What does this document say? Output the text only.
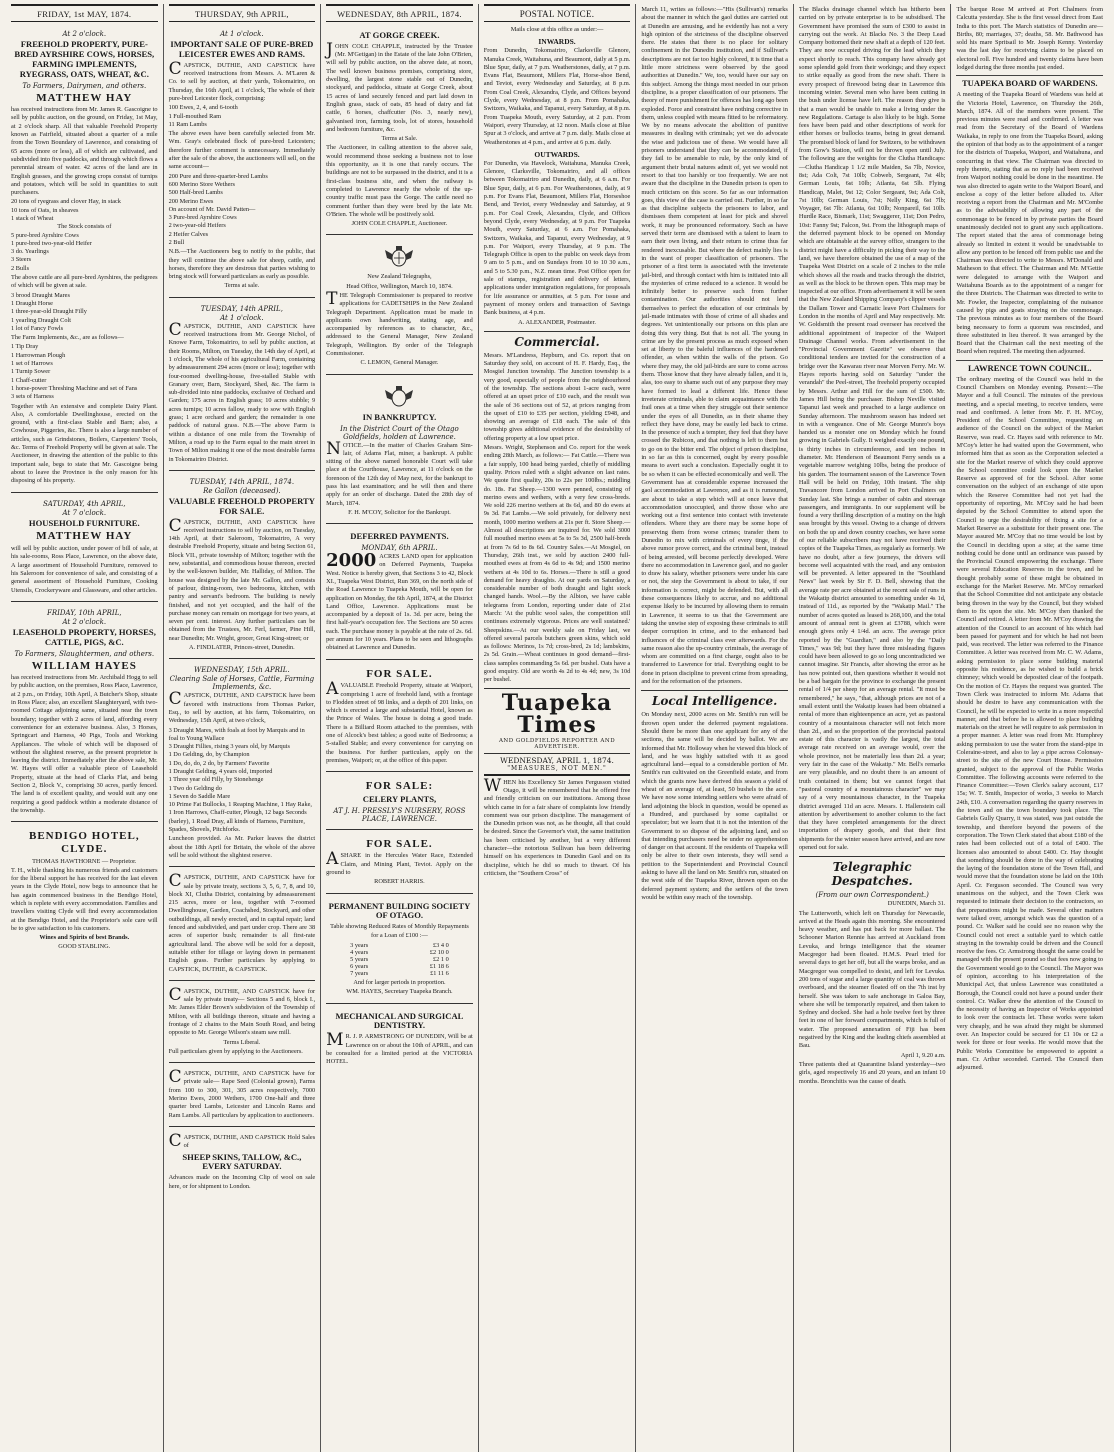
FRIDAY, 1st MAY, 1874.
At 2 o'clock.
FREEHOLD PROPERTY, PURE-BRED AYRSHIRE COWS, HORSES, FARMING IMPLEMENTS, RYEGRASS, OATS, WHEAT, &C.
To Farmers, Dairymen, and others.
MATTHEW HAY
has received instructions from Mr. James R. Gascoigne to sell by public auction, on the ground, on Friday, 1st May, at 2 o'clock sharp. All that valuable Freehold Property known as Fairfield, situated about a quarter of a mile from the Town Boundary of Lawrence, and consisting of 65 acres (more or less), all of which are cultivated, and subdivided into five paddocks, and through which flows a perennial stream of water. 42 acres of the land are in English grasses, and the growing crops consist of turnips and potatoes, which will be sold in quantities to suit purchasers.
20 tons of ryegrass and clover Hay, in stack
10 tons of Oats, in sheaves
1 stack of Wheat
The Stock consists of
5 pure-bred Ayrshire Cows
1 pure-bred two-year-old Heifer
3 do. Yearlings
3 Steers
2 Bulls
The above cattle are all pure-bred Ayrshires, the pedigrees of which will be given at sale.
3 brood Draught Mares
1 Draught Horse
1 three-year-old Draught Filly
1 yearling Draught Colt
1 lot of Fancy Fowls
The Farm Implements, &c., are as follows—
1 Tip Dray
1 Harrowman Plough
1 set of Harrows
1 Turnip Sower
1 Chaff-cutter
1 horse-power Threshing Machine and set of Fans
3 sets of Harness
Together with An extensive and complete Dairy Plant. Also, A comfortable Dwellinghouse, erected on the ground, with a first-class Stable and Barn; also, a Cowhouse, Piggeries, &c. There is also a large number of articles, such as Grindstones, Boilers, Carpenters' Tools, &c. Terms of Freehold Property will be given at sale. The Auctioneer, in drawing the attention of the public to this important sale, begs to state that Mr. Gascoigne being about to leave the Province is the only reason for his disposing of his property.
SATURDAY, 4th APRIL,
At 7 o'clock.
HOUSEHOLD FURNITURE.
MATTHEW HAY
will sell by public auction, under power of bill of sale, at his sale-rooms, Ross Place, Lawrence, on the above date, A large assortment of Household Furniture, removed to his Saleroom for convenience of sale, and consisting of a general assortment of Household Furniture, Cooking Utensils, Crockeryware and Glassware, and other articles.
FRIDAY, 10th APRIL,
At 2 o'clock.
LEASEHOLD PROPERTY, HORSES, CATTLE, PIGS, &C.
To Farmers, Slaughtermen, and others.
WILLIAM HAYES
has received instructions from Mr. Archibald Hogg to sell by public auction, on the premises, Ross Place, Lawrence, at 2 p.m., on Friday, 10th April, A Butcher's Shop, situate in Ross Place; also, an excellent Slaughteryard, with two-roomed Cottage adjoining same, situated near the town boundary; together with 2 acres of land, affording every convenience for an extensive business. Also, 3 Horses, Springcart and Harness, 40 Pigs, Tools and Working Appliances. The whole of which will be disposed of without the slightest reserve, as the present proprietor is leaving the district. Immediately after the above sale, Mr. W. Hayes will offer a valuable piece of Leasehold Property, situate at the head of Clarks Flat, and being Section 2, Block V., comprising 30 acres, partly fenced. The land is of excellent quality, and would suit any one requiring a good paddock within a moderate distance of the township.
BENDIGO HOTEL, CLYDE.
THOMAS HAWTHORNE — Proprietor.
T. H., while thanking his numerous friends and customers for the liberal support he has received for the last eleven years in the Clyde Hotel, now begs to announce that he has again commenced business in the Bendigo Hotel, which is replete with every accommodation. Families and travellers visiting Clyde will find every accommodation at the Bendigo Hotel, and the Proprietor's sole care will be to give satisfaction to his customers.
Wines and Spirits of best Brands.
GOOD STABLING.
THURSDAY, 9th APRIL,
At 1 o'clock.
IMPORTANT SALE OF PURE-BRED LEICESTER EWES AND RAMS.
CAPSTICK, DUTHIE, AND CAPSTICK have received instructions from Messrs. A. M'Laren & Co. to sell by auction, at their yards, Tokomairiro, on Thursday, the 16th April, at 1 o'clock, The whole of their pure-bred Leicester flock, comprising:
100 Ewes, 2, 4, and 6-tooth
1 Full-mouthed Ram
11 Ram Lambs
The above ewes have been carefully selected from Mr. Wm. Gray's celebrated flock of pure-bred Leicesters; therefore further comment is unnecessary. Immediately after the sale of the above, the auctioneers will sell, on the same account—
200 Pure and three-quarter-bred Lambs
600 Merino Store Wethers
500 Half-bred Lambs
200 Merino Ewes
On account of Mr. David Patten—
3 Pure-bred Ayrshire Cows
2 two-year-old Heifers
2 Heifer Calves
2 Bull
N.B.—The Auctioneers beg to notify to the public, that they will continue the above sale for sheep, cattle, and horses, therefore they are desirous that parties wishing to bring stock will forward particulars as early as possible.
Terms at sale.
TUESDAY, 14th APRIL,
At 1 o'clock.
CAPSTICK, DUTHIE, AND CAPSTICK have received instructions from Mr. George Nichol, of Knowe Farm, Tokomairiro, to sell by public auction, at their Rooms, Milton, on Tuesday, the 14th day of April, at 1 o'clock, The whole of his agricultural Farm, containing by admeasurement 294 acres (more or less); together with four-roomed dwelling-house, five-stalled Stable with Granary over, Barn, Stockyard, Shed, &c. The farm is sub-divided into nine paddocks, exclusive of Orchard and Garden; 175 acres in English grass; 10 acres stubble; 9 acres turnips; 10 acres fallow, ready to sow with English grass; 1 acre orchard and garden; the remainder is one paddock of natural grass. N.B.—The above Farm is within a distance of one mile from the Township of Milton, a road up to the Farm equal to the main street in Town of Milton making it one of the most desirable farms in Tokomairiro District.
TUESDAY, 14th APRIL, 1874.
Re Gallon (deceased).
VALUABLE FREEHOLD PROPERTY FOR SALE.
CAPSTICK, DUTHIE, AND CAPSTICK have received instructions to sell by auction, on Tuesday, 14th April, at their Saleroom, Tokomairiro, A very desirable Freehold Property, situate and being Section 61, Block VII., private township of Milton; together with the new, substantial, and commodious house thereon, erected by the well-known builder, Mr. Halliday, of Milton. The house was designed by the late Mr. Gallon, and consists of parlour, dining-room, two bedrooms, kitchen, with pantry and servant's bedroom. The building is newly finished, and not yet occupied, and the half of the purchase money can remain on mortgage for two years, at seven per cent. interest. Any further particulars can be obtained from the Trustees, Mr. Ferl, farmer, Pine Hill, near Dunedin; Mr. Wright, grocer, Great King-street; or
A. FINDLATER, Princes-street, Dunedin.
WEDNESDAY, 15th APRIL.
Clearing Sale of Horses, Cattle, Farming Implements, &c.
CAPSTICK, DUTHIE, AND CAPSTICK have been favored with instructions from Thomas Parker, Esq., to sell by auction, at his farm, Tokomairiro, on Wednesday, 15th April, at two o'clock,
3 Draught Mares, with foals at foot by Marquis and in foal to Young Wallace
3 Draught Fillies, rising 3 years old, by Marquis
1 Do Gelding, do, by Champion
1 Do, do, do, 2 do, by Farmers' Favorite
1 Draught Gelding, 4 years old, imported
1 Three year old Filly, by Stonehenge
1 Two do Gelding do
1 Seven do Saddle Mare
10 Prime Fat Bullocks, 1 Reaping Machine, 1 Hay Rake, 1 Iron Harrows, Chaff-cutter, Plough, 12 bags Seconds (barley), 1 Road Dray, all kinds of Harness, Furniture, Spades, Shovels, Pitchforks.
Luncheon provided. As Mr. Parker leaves the district about the 18th April for Britain, the whole of the above will be sold without the slightest reserve.
CAPSTICK, DUTHIE, AND CAPSTICK have for sale by private treaty, sections 3, 5, 6, 7, 8, and 10, block XI, Clutha District, containing by admeasurement 215 acres, more or less, together with 7-roomed Dwellinghouse, Garden, Coachshed, Stockyard, and other outbuildings, all newly erected, and in capital repair; land fenced and subdivided, and part under crop. There are 38 acres of superior bush; remainder is all first-rate agricultural land. The above will be sold for a deposit, suitable either for tillage or laying down in permanent English grass. Further particulars by applying to CAPSTICK, DUTHIE, & CAPSTICK.
CAPSTICK, DUTHIE, AND CAPSTICK have for sale by private treaty— Sections 5 and 6, block I., Mr. James Elder Brown's subdivision of the Township of Milton, with all buildings thereon, situate and having a frontage of 2 chains to the Main South Road, and being opposite to Mr. George Wilson's steam saw mill.
Terms Liberal.
Full particulars given by applying to the Auctioneers.
CAPSTICK, DUTHIE, AND CAPSTICK have for private sale— Rape Seed (Colonial grown), Farms from 100 to 300, 301, 305 acres respectively, 7000 Merino Ewes, 2000 Wethers, 1700 One-half and three quarter bred Lambs, Leicester and Lincoln Rams and Ram Lambs. All particulars by application to auctioneers.
CAPSTICK, DUTHIE, AND CAPSTICK Hold Sales of
SHEEP SKINS, TALLOW, &C., EVERY SATURDAY.
Advances made on the Incoming Clip of wool on sale here, or for shipment to London.
WEDNESDAY, 8th APRIL, 1874.
AT GORGE CREEK.
JOHN COLE CHAPPLE, instructed by the Trustee (Mr. M'Getigan) in the Estate of the late John O'Brien, will sell by public auction, on the above date, at noon, The well known business premises, comprising store, dwelling, the largest stone stable out of Dunedin, stockyard, and paddocks, situate at Gorge Creek, about 15 acres of land securely fenced and part laid down in English grass, stack of oats, 85 head of dairy and fat cattle, 6 horses, chaffcutter (No. 3, nearly new), galvanised iron, farming tools, lot of stores, household and bedroom furniture, &c.
Terms at Sale.
The Auctioneer, in calling attention to the above sale, would recommend those seeking a business not to lose this opportunity, as it is one that rarely occurs. The buildings are not to be surpassed in the district, and it is a first-class business site, and when the railway is completed to Lawrence nearly the whole of the up-country traffic must pass the Gorge. The cattle need no comment further than they were bred by the late Mr. O'Brien. The whole will be positively sold.
JOHN COLE CHAPPLE, Auctioneer.
New Zealand Telegraphs,
Head Office, Wellington, March 10, 1874.
THE Telegraph Commissioner is prepared to receive applications for CADETSHIPS in the New Zealand Telegraph Department. Application must be made in applicants own handwriting, stating age, and accompanied by references as to character, &c., addressed to the General Manager, New Zealand Telegraph, Wellington. By order of the Telegraph Commissioner.
C. LEMON, General Manager.
IN BANKRUPTCY.
In the District Court of the Otago Goldfields, holden at Lawrence.
NOTICE.—In the matter of Charles Graham Sim-lair, of Adams Flat, miner, a bankrupt. A public sitting of the above named honorable Court will take place at the Courthouse, Lawrence, at 11 o'clock on the forenoon of the 12th day of May next, for the bankrupt to pass his last examination; and he will then and there apply for an order of discharge. Dated the 28th day of March, 1874.
F. H. M'COY, Solicitor for the Bankrupt.
DEFERRED PAYMENTS.
MONDAY, 6th APRIL.
2000 ACRES LAND open for application on Deferred Payments, Tuapeka West. Notice is hereby given, that Sections 3 to 42, Block XI., Tuapeka West District, Run 369, on the north side of the Road Lawrence to Tuapeka Mouth, will be open for application on Monday, the 6th April, 1874, at the District Land Office, Lawrence. Applications must be accompanied by a deposit of 1s. 3d. per acre, being the first half-year's occupation fee. The Sections are 50 acres each. The purchase money is payable at the rate of 2s. 6d. per annum for 10 years. Plans to be seen and lithographs obtained at Lawrence and Dunedin.
FOR SALE.
AVALUABLE Freehold Property, situate at Waipori, comprising 1 acre of freehold land, with a frontage to Flodden street of 98 links, and a depth of 201 links, on which is erected a large and substantial Hotel, known as the Prince of Wales. The house is doing a good trade. There is a Billiard Room attached to the premises, with one of Alcock's best tables; a good suite of Bedrooms; a 5-stalled Stable; and every convenience for carrying on the business. For further particulars, apply on the premises, Waipori; or, at the office of this paper.
FOR SALE:
CELERY PLANTS,
AT J. H. PRESSLY'S NURSERY, ROSS PLACE, LAWRENCE.
FOR SALE.
ASHARE in the Hercules Water Race, Extended Claim, and Mining Plant, Teviot. Apply on the ground to
ROBERT HARRIS.
PERMANENT BUILDING SOCIETY OF OTAGO.
Table showing Reduced Rates of Monthly Repayments for a Loan of £100 :—
3 years	£3 4 0
4 years	£2 10 0
5 years	£2 1 0
6 years	£1 18 6
7 years	£1 11 6
And for larger periods in proportion.
WM. HAYES, Secretary Tuapeka Branch.
MECHANICAL AND SURGICAL DENTISTRY.
MR. J. P. ARMSTRONG OF DUNEDIN, Will be at Lawrence on or about the 10th of APRIL, and can be consulted for a limited period at the VICTORIA HOTEL.
POSTAL NOTICE.
Mails close at this office as under:—
INWARDS.
From Dunedin, Tokomairiro, Clarksville Glenore, Manuka Creek, Waitahuna, and Beaumont, daily at 5 p.m. Blue Spur, daily, at 7 p.m. Weatherstones, daily, at 7 p.m. Evans Flat, Beaumont, Millers Flat, Horse-shoe Bend, and Teviot, every Wednesday and Saturday, at 8 p.m. From Coal Creek, Alexandra, Clyde, and Offices beyond Clyde, every Wednesday, at 8 p.m. From Pomahaka, Switzers, Waikaka, and Tapanui, every Saturday, at 8 p.m. From Tuapeka Mouth, every Saturday, at 2 p.m. From Waipori, every Thursday, at 12 noon. Mails close at Blue Spur at 3 o'clock, and arrive at 7 p.m. daily. Mails close at Weatherstones at 4 p.m., and arrive at 6 p.m. daily.
OUTWARDS.
For Dunedin, via Havelock, Waitahuna, Manuka Creek, Glenore, Clarksville, Tokomairiro, and all offices between Tokomairiro and Dunedin, daily, at 6 a.m. For Blue Spur, daily, at 6 p.m. For Weatherstones, daily, at 9 p.m. For Evans Flat, Beaumont, Millers Flat, Horseshoe Bend, and Teviot, every Wednesday and Saturday, at 9 p.m. For Coal Creek, Alexandra, Clyde, and Offices beyond Clyde, every Wednesday, at 9 p.m. For Tuapeka Mouth, every Saturday, at 6 a.m. For Pomahaka, Switzers, Waikaka, and Tapanui, every Wednesday, at 9 p.m. For Waipori, every Thursday, at 9 p.m. The Telegraph Office is open to the public on week days from 9 am to 5 p.m., and on Sundays from 10 to 10 30 a.m., and 5 to 5.30 p.m., N.Z. mean time. Post Office open for sale of stamps, registration and delivery of letters, applications under immigration regulations, for proposals for life assurance or annuities, at 5 p.m. For issue and payment of money orders and transaction of Savings Bank business, at 4 p.m.
A. ALEXANDER, Postmaster.
Commercial.
Messrs. M'Landress, Hepburn, and Co. report that on Saturday they sold, on account of H. F. Hardy, Esq., the Mosgiel Junction township. The Junction township is a very good, especially of people from the neighbourhood of the township. The sections about 1-acre each, were offered at an upset price of £10 each, and the result was the sale of 36 sections out of 52, at prices ranging from the upset of £10 to £35 per section, yielding £948, and showing an average of £18 each. The sale of this township gives additional evidence of the desirability of offering property at a low upset price.
Messrs. Wright, Stephenson and Co. report for the week ending 28th March, as follows:— Fat Cattle.—There was a fair supply, 100 head being yarded, chiefly of middling quality. Prices ruled with a slight advance on last rates. We quote first quality, 20s to 22s per 100lbs.; middling do. 18s. Fat Sheep.—1300 were penned, consisting of merino ewes and wethers, with a very few cross-breds. We sold 226 merino wethers at 8s 6d, and 80 do ewes at 9s 3d. Fat Lambs.—We sold privately, for delivery next month, 1000 merino wethers at 21s per ft. Store Sheep.—Almost all descriptions are inquired for. We sold 3000 full mouthed merino ewes at 5s to 5s 3d, 2500 half-breds at from 7s 6d to 8s 6d. Country Sales.—At Mosgiel, on Thursday, 26th inst., we sold by auction 2400 full-mouthed ewes at from 4s 6d to 4s 9d; and 1500 merino wethers at 4s 10d to 6s. Horses.—There is still a good demand for heavy draughts. At our yards on Saturday, a considerable number of both draught and light stock changed hands. Wool.—By the Albion, we have cable telegrams from London, reporting under date of 21st March: 'At the public wool sales, the competition still continues extremely vigorous. Prices are well sustained.' Sheepskins.—At our weekly sale on Friday last, we offered several parcels butchers green skins, which sold as follows: Merinos, 1s 7d; cross-bred, 2s 1d; lambskins, 2s 5d. Grain.—Wheat continues in good demand—first-class samples commanding 5s 6d. per bushel. Oats have a good enquiry. Old are worth 4s 2d to 4s 4d; new, 3s 10d per bushel.
Tuapeka Times
AND GOLDFIELDS REPORTER AND ADVERTISER.
WEDNESDAY, APRIL 1, 1874.
"MEASURES, NOT MEN."
WHEN his Excellency Sir James Fergusson visited Otago, it will be remembered that he offered free and friendly criticism on our institutions. Among those which came in for a fair share of complaints low friendly comment was our prison discipline. The management of the Dunedin prison was not, as he thought, all that could be desired. Since the Governor's visit, the same institution has been criticised by another, but a very different character—the notorious Sullivan has been delivering himself on his experiences in Dunedin Gaol and on its discipline, which he did so much to thwart. Of his criticism, the "Southern Cross" of
March 11, writes as follows:—"His (Sullivan's) remarks about the manner in which the gaol duties are carried out at Dunedin are amusing, and he evidently has not a very high opinion of the strictness of the discipline observed there. He states that there is no place for solitary confinement in the Dunedin institution, and if Sullivan's descriptions are not far too highly colored, it is time that a little more strictness were observed by the good authorities at Dunedin." We, too, would have our say on this subject. Among the things most needed in our prison discipline, is a proper classification of our prisoners. The theory of mere punishment for offences has long ago been exploded. Force and constraint have nothing corrective in them, unless coupled with means fitted to be reformatory. We by no means advocate the abolition of punitive measures in dealing with criminals; yet we do advocate the wise and judicious use of these. We would have all prisoners understand that they can be accommodated, if they fail to be amenable to rule, by the only kind of argument their brutal natures admit of, yet we would not resort to that too harshly or too frequently. We are not aware that the discipline in the Dunedin prison is open to much criticism on this score. So far as our information goes, this view of the case is carried out. Further, in so far as that discipline subjects the prisoners to labor, and dismisses them competent at least for pick and shovel work, it may be pronounced reformatory. Such as have served their term are dismissed with a talent to learn to earn their own living, and their return to crime thus far rendered inexcusable. But where the defect mainly lies is in the want of proper classification of prisoners. The prisoner of a first term is associated with the inveterate jail-bird, and through contact with him is initiated into all the mysteries of crime reduced to a science. It would be infinitely better to preserve such from further contamination. Our authorities should not lend themselves to perfect the education of our criminals by jail-made intimates with those of crime of all shades and degrees. Yet unintentionally our prisons on this plan are doing this very thing. But that is not all. The young in crime are by the present process as much exposed when set at liberty to the baleful influences of the hardened offender, as when within the walls of the prison. Go where they may, the old jail-birds are sure to come across them. Those know that they have already fallen, and it is, alas, too easy to shame such out of any purpose they may have formed to lead a different life. Hence these inveterate criminals, able to claim acquaintance with the frail ones at a time when they struggle out their sentence under the eyes of all Dunedin, as in their shame they reflect they have done, may be easily led back to crime. In the presence of such a tempter, they feel that they have crossed the Rubicon, and that nothing is left to them but to go on to the bitter end. The object of prison discipline, in so far as this is concerned, ought by every possible means to avert such a conclusion. Especially ought it to be so when it can be effected economically and well. The Government has at considerable expense increased the gaol accommodation at Lawrence, and as it is rumoured, are about to take a step which will at once leave that accommodation unoccupied, and throw those who are working out a first sentence into contact with inveterate offenders. Where they are there may be some hope of preserving them from worse crimes; transfer them to Dunedin to mix with criminals of every tinge, if the above rumor prove correct, and the criminal bent, instead of being arrested, will become perfectly developed. Were there no accommodation in Lawrence gaol, and no gaoler to draw his salary, whether prisoners were under his care or not, the step the Government is about to take, if our information is correct, might be defended. But, with all these consequences likely to accrue, and no additional expense likely to be incurred by allowing them to remain in Lawrence, it seems to us that the Government are taking the unwise step of exposing these criminals to still deeper corruption in crime, and to the enhanced bad influences of the criminal class ever afterwards. For the same reason also the up-country criminals, the average of whom are committed on a first charge, ought also to be transferred to Lawrence for trial. Everything ought to be done in prison discipline to prevent crime from spreading, and for the reformation of the prisoners.
Local Intelligence.
On Monday next, 2000 acres on Mr. Smith's run will be thrown open under the deferred payment regulations. Should there be more than one applicant for any of the sections, the same will be decided by ballot. We are informed that Mr. Holloway when he viewed this block of land, and he was highly satisfied with it as good agricultural land—equal to a considerable portion of Mr. Smith's run cultivated on the Greenfield estate, and from which the grants now have derived this season a yield of wheat of an average of, at least, 50 bushels to the acre. We have now some intending settlers who were afraid of land adjoining the block in question, would be opened as a Hundred, and purchased by some capitalist or speculator; but we learn that it is not the intention of the Government to so dispose of the adjoining land, and so that intending purchasers need be under no apprehension of danger on that account. If the residents of Tuapeka will only be alive to their own interests, they will send a petition to the Superintendent and Provincial Council asking to have all the land on Mr. Smith's run, situated on the west side of the Tuapeka River, thrown open on the deferred payment system; and the settlers of the town would be within easy reach of the township.
The Blacks drainage channel which has hitherto been carried on by private enterprise is to be subsidised. The Government have promised the sum of £300 to assist in carrying out the work. At Blacks No. 3 the Deep Lead Company bottomed their new shaft at a depth of 120 feet. They are now occupied driving for the lead which they expect shortly to reach. This company have already got some splendid gold from their workings; and they expect to strike equally as good from the new shaft. There is every prospect of firewood being dear in Lawrence this incoming winter. Several men who have been cutting in the bush under license have left. The reason they give is that a man would be unable to make a living under the new Regulations. Cartage is also likely to be high. Some fees have been paid and other descriptions of work for either horses or bullocks teams, being in great demand. The promised block of land for Switzers, to be withdrawn from Gow's Station, will not be thrown open until July. The following are the weights for the Clutha Handicaps:—Clutha Handicap 1 1/2 mile Maiden, Sa 7lb, Novice, 8st; Ada Colt, 7st 10lb; Cobweb, Sergeant, 7st 4lb; German Louis, 6st 10lb; Atlanta, 6st 5lb. Flying Handicap, Malet, 9st 12; Color Sergeant, 9st; Ada Colt, 7st 10lb; German Louis, 7st; Nelly King, 6st 7lb; Voyager, 6st 7lb: Atlanta, 6st 10lb; Nonpareil, 6st 10lb. Hurdle Race, Bismark, 11st; Swaggerer, 11st; Don Pedro, 10st: Fanny 9st; Falcon, 9st. From the lithograph maps of the deferred payment block to be opened on Monday which are obtainable at the survey office, strangers to the district might have a difficulty in picking their way to the land, we have therefore obtained the use of a map of the Tuapeka West District on a scale of 2 inches to the mile which shows all the roads and tracks through the district, as well as the block to be thrown open. This map may be inspected at our office. From advertisement it will be seen that the New Zealand Shipping Company's clipper vessels the Dallam Tower and Carnatic leave Port Chalmers for London in the months of April and May respectively. Mr. W. Goldsmith the present road overseer has received the additional appointment of inspector of the Waipori Drainage Channel works. From advertisement in the "Provincial Government Gazette" we observe that conditional tenders are invited for the construction of a bridge over the Kawarau river near Morven Ferry. Mr. W. Hayes reports having sold on Saturday "under the verandah" the Peel-street, The freehold property occupied by Messrs. Arthur and Hill for the sum of £500. Mr. James Hill being the purchaser. Bishop Neville visited Tapanui last week and preached to a large audience on Sunday afternoon. The mushroom season has indeed set in with a vengeance. One of Mr. George Munro's boys handed us a monster one on Monday which he found growing in Gabriels Gully. It weighed exactly one pound, is thirty inches in circumference, and ten inches in diameter. Mr. Henderson of Beaumont Ferry sends us a vegetable marrow weighing 10lbs, being the produce of his garden. The tournament season of the Lawrence Town Hall will be held on Friday, 10th instant. The ship Travancore from London arrived in Port Chalmers on Sunday last. She brings a number of cabin and steerage passengers, and immigrants. In our supplement will be found a very thrilling description of a mutiny on the high seas brought by this vessel. Owing to a change of drivers on both the up and down country coaches, we have some of our reliable subscribers may not have received their copies of the Tuapeka Times, as regularly as formerly. We have no doubt, after a few journeys, the drivers will become well acquainted with the road, and any omission will be prevented. A letter appeared in the "Southland News" last week by Sir F. D. Bell, showing that the average rate per acre obtained at the recent sale of runs in the Wakatip district amounted to something under 4s 1d, instead of 11d., as reported by the "Wakatip Mail." The number of acres quoted as leased is 268,100, and the total amount of annual rent is given at £3788, which were enough gives only 4 1/4d. an acre. The average price reported by the "Guardian," and also by the "Daily Times," was 9d; but they have three misleading figures could have been allowed to go so long uncontradicted we cannot imagine. Sir Francis, after showing the error as he has now pointed out, then questions whether it would not be a bad bargain for the province to exchange the present rental of 1/4 per sheep for an average rental. "It must be remembered," he says, "that, although prices are not of a small extent until the Wakatip leases had been obtained a rental of more than eighteenpence an acre, yet as pastoral country of a mountainous character will not fetch more than 2d., and so the proportion of the provincial pastoral estate of this character is vastly the largest, the total average rate received on an average would, over the whole province, not be materially less than 2d. a year; very fair in the case of the Wakatip." Mr. Bell's remarks are very plausible, and no doubt there is an amount of truth contained in them; but we cannot forget that "pastoral country of a mountainous character" we may say of a very mountainous character, in the Tuapeka district averaged 11d an acre. Messrs. I. Hallenstein call attention by advertisement to another column to the fact that they have completed arrangements for the direct importation of drapery goods, and that their first shipments for the winter season have arrived, and are now opened out for sale.
Telegraphic Despatches.
(From our own Correspondent.)
DUNEDIN, March 31.
The Lutterworth, which left on Thursday for Newcastle, arrived at the Heads again this morning. She encountered heavy weather, and has put back for more ballast. The Schooner Marion Rennie has arrived at Auckland from Levuka, and brings intelligence that the steamer Macgregor had been floated. H.M.S. Pearl tried for several days to get her off, but all the warps broke, and as Macgregor was compelled to desist, and left for Levuka. 200 tons of sugar and a large quantity of coal was thrown overboard, and the steamer floated off on the 7th inst by herself. She was taken to safe anchorage in Galoa Bay, where she will be temporarily repaired, and then taken to Sydney and docked. She had a hole twelve feet by three feet in one of her forward compartments, which is full of water. The proposed annexation of Fiji has been negatived by the King and the leading chiefs assembled at Bau.
April 1, 9.20 a.m.
Three patients died at Quarantine Island yesterday—two girls, aged respectively 16 and 20 years, and an infant 10 months. Bronchitis was the cause of death.
The barque Rose M arrived at Port Chalmers from Calcutta yesterday. She is the first vessel direct from East India to this port. The March statistics of Dunedin are—Births, 80; marriages, 37; deaths, 58. Mr. Bathwood has sold his mare Spritsail to Mr. Joseph Kenny. Yesterday was the last day for receiving claims to be placed on electoral roll. Five hundred and twenty claims have been lodged during the three months just ended.
TUAPEKA BOARD OF WARDENS.
A meeting of the Tuapeka Board of Wardens was held at the Victoria Hotel, Lawrence, on Thursday the 26th, March, 1874. All of the members were present. The previous minutes were read and confirmed. A letter was read from the Secretary of the Board of Wardens Waikaka, in reply to one from the Tuapeka Board, asking the opinion of that body as to the appointment of a ranger for the districts of Tuapeka, Waipori, and Waitahuna, and concurring in that view. The Chairman was directed to reply thereto, stating that as no reply had been received from Waipori nothing could be done in the meantime. He was also directed to again write to the Waipori Board, and enclose a copy of the letter before alluded to. After receiving a report from the Chairman and Mr. M'Combe as to the advisability of allowing any part of the commonage to be fenced in by private parties the Board unanimously decided not to grant any such applications. The report stated that the area of commonage being already so limited in extent it would be unadvisable to allow any portion to be fenced off from public use and the Chairman was directed to write to Messrs. M'Donald and Matheson to that effect. The Chairman and Mr. M'Gettie were delegated to arrange with the Waipori and Waitahuna Boards as to the appointment of a ranger for the three Districts. The Chairman was directed to write to Mr. Fowler, the Inspector, complaining of the nuisance caused by pigs and goats straying on the commonage. The previous minutes as to four members of the Board being necessary to form a quorum was rescinded, and three substituted in lieu thereof. It was arranged by the Board that the Chairman call the next meeting of the Board when required. The meeting then adjourned.
LAWRENCE TOWN COUNCIL.
The ordinary meeting of the Council was held in the Council Chambers on Monday evening. Present:—The Mayor and a full Council. The minutes of the previous meeting, and a special meeting, to receive tenders, were read and confirmed. A letter from Mr. F. H. M'Coy, President of the School Committee, requesting an audience of the Council on the subject of the Market Reserve, was read. Cr. Hayes said with reference to Mr. M'Coy's letter he had waited upon the Government, who informed him that as soon as the Corporation selected a site for the Market reserve of which they could approve the School committee could look upon the Market Reserve as approved of for the School. After some conversation on the subject of an exchange of site upon which the Reserve Committee had not yet had the opportunity of reporting, Mr. M'Coy said he had been deputed by the School Committee to attend upon the Council to urge the desirability of fixing a site for a Market Reserve as a substitute for their present one. The Mayor assured Mr. M'Coy that no time would be lost by the Council in deciding upon a site; at the same time nothing could be done until an ordinance was passed by the Provincial Council empowering the exchange. There were several Education Reserves in the town, and he thought probably some of these might be obtained in exchange for the Market Reserve. Mr. M'Coy remarked that the School Committee did not anticipate any obstacle being thrown in the way by the Council, but they wished them to fix upon the site. Mr. M'Coy then thanked the Council and retired. A letter from Mr. M'Coy drawing the attention of the Council to an account of his which had been passed for payment and for which he had not been paid, was received. The letter was referred to the Finance Committee. A letter was received from Mr. C. W. Adams, asking permission to place some building material opposite his residence, as he wished to build a brick chimney; which would be deposited clear of the footpath. On the motion of Cr. Hayes the request was granted. The Town Clerk was instructed to inform Mr. Adams that should he desire to have any communication with the Council, he will be expected to write in a more respectful manner, and that before he is allowed to place building materials on the street he will require to ask permission in a proper manner. A letter was read from Mr. Humphrey asking permission to use the water from the stand-pipe in Coleraine-street, and also to lay a pipe across Colonsay-street to the site of the new Court House. Permission granted, subject to the approval of the Public Works Committee. The following accounts were referred to the Finance Committee:—Town Clerk's salary account, £17 15s; W. T. Smith, Inspector of works, 3 weeks to March 24th, £10. A conversation regarding the quarry reserves in the town and on the town boundary took place. The Gabriels Gully Quarry, it was stated, was just outside the township, and therefore beyond the powers of the corporation. The Town Clerk stated that about £180 of the rates had been collected out of a total of £400. The licenses also amounted to about £400. Cr. Hay thought that something should be done in the way of celebrating the laying of the foundation stone of the Town Hall, and would move that the foundation stone be laid on the 10th April. Cr. Ferguson seconded. The Council was very unanimous on the subject, and the Town Clerk was requested to intimate their decision to the contractors, so that preparations might be made. Several other matters were talked over, amongst which was the question of a pound. Cr. Walker said he could see no reason why the Council could not erect a suitable yard to which cattle straying in the township could be driven and the Council receive the fees. Cr. Armstrong thought the same could be managed with the present pound so that fees now going to the Government would go to the Council. The Mayor was of opinion, according to his interpretation of the Municipal Act, that unless Lawrence was constituted a Borough, the Council could not have a pound under their control. Cr. Walker drew the attention of the Council to the necessity of having an Inspector of Works appointed to look over the contracts let. These works were taken very cheaply, and he was afraid they might be slummed over. An Inspector could be secured for £1 10s or £2 a week for three or four weeks. He would move that the Public Works Committee be empowered to appoint a man. Cr. Arthur seconded. Carried. The Council then adjourned.
